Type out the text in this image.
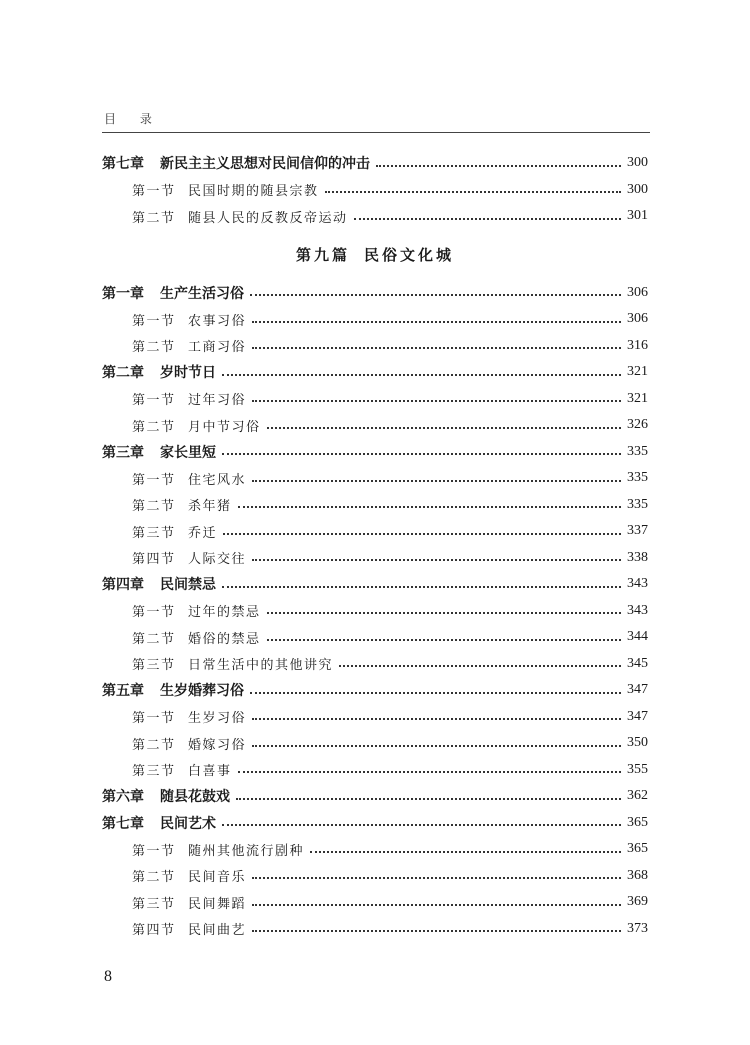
目 录
第七章	新民主主义思想对民间信仰的冲击	300
第一节 民国时期的随县宗教	300
第二节 随县人民的反教反帝运动	301
第九篇 民俗文化城
第一章	生产生活习俗	306
第一节 农事习俗	306
第二节 工商习俗	316
第二章	岁时节日	321
第一节 过年习俗	321
第二节 月中节习俗	326
第三章	家长里短	335
第一节 住宅风水	335
第二节 杀年猪	335
第三节 乔迁	337
第四节 人际交往	338
第四章	民间禁忌	343
第一节 过年的禁忌	343
第二节 婚俗的禁忌	344
第三节 日常生活中的其他讲究	345
第五章	生岁婚葬习俗	347
第一节 生岁习俗	347
第二节 婚嫁习俗	350
第三节 白喜事	355
第六章	随县花鼓戏	362
第七章	民间艺术	365
第一节 随州其他流行剧种	365
第二节 民间音乐	368
第三节 民间舞蹈	369
第四节 民间曲艺	373
8
